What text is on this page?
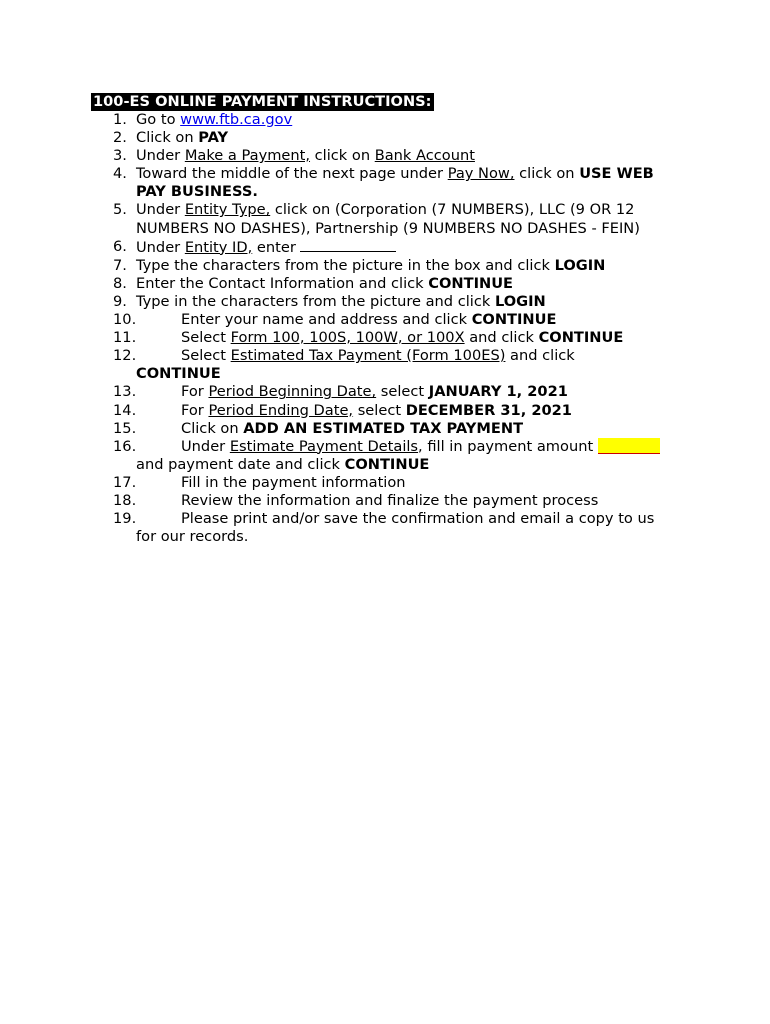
100-ES ONLINE PAYMENT INSTRUCTIONS:
1. Go to www.ftb.ca.gov
2. Click on PAY
3. Under Make a Payment, click on Bank Account
4. Toward the middle of the next page under Pay Now, click on USE WEB PAY BUSINESS.
5. Under Entity Type, click on (Corporation (7 NUMBERS), LLC (9 OR 12 NUMBERS NO DASHES), Partnership (9 NUMBERS NO DASHES - FEIN)
6. Under Entity ID, enter
7. Type the characters from the picture in the box and click LOGIN
8. Enter the Contact Information and click CONTINUE
9. Type in the characters from the picture and click LOGIN
10.	Enter your name and address and click CONTINUE
11.	Select Form 100, 100S, 100W, or 100X and click CONTINUE
12.	Select Estimated Tax Payment (Form 100ES) and click
CONTINUE
13.	For Period Beginning Date, select JANUARY 1, 2021
14.	For Period Ending Date, select DECEMBER 31, 2021
15.	Click on ADD AN ESTIMATED TAX PAYMENT
16.	Under Estimate Payment Details, fill in payment amount
and payment date and click CONTINUE
17.	Fill in the payment information
18.	Review the information and finalize the payment process
19.	Please print and/or save the confirmation and email a copy to us
for our records.
